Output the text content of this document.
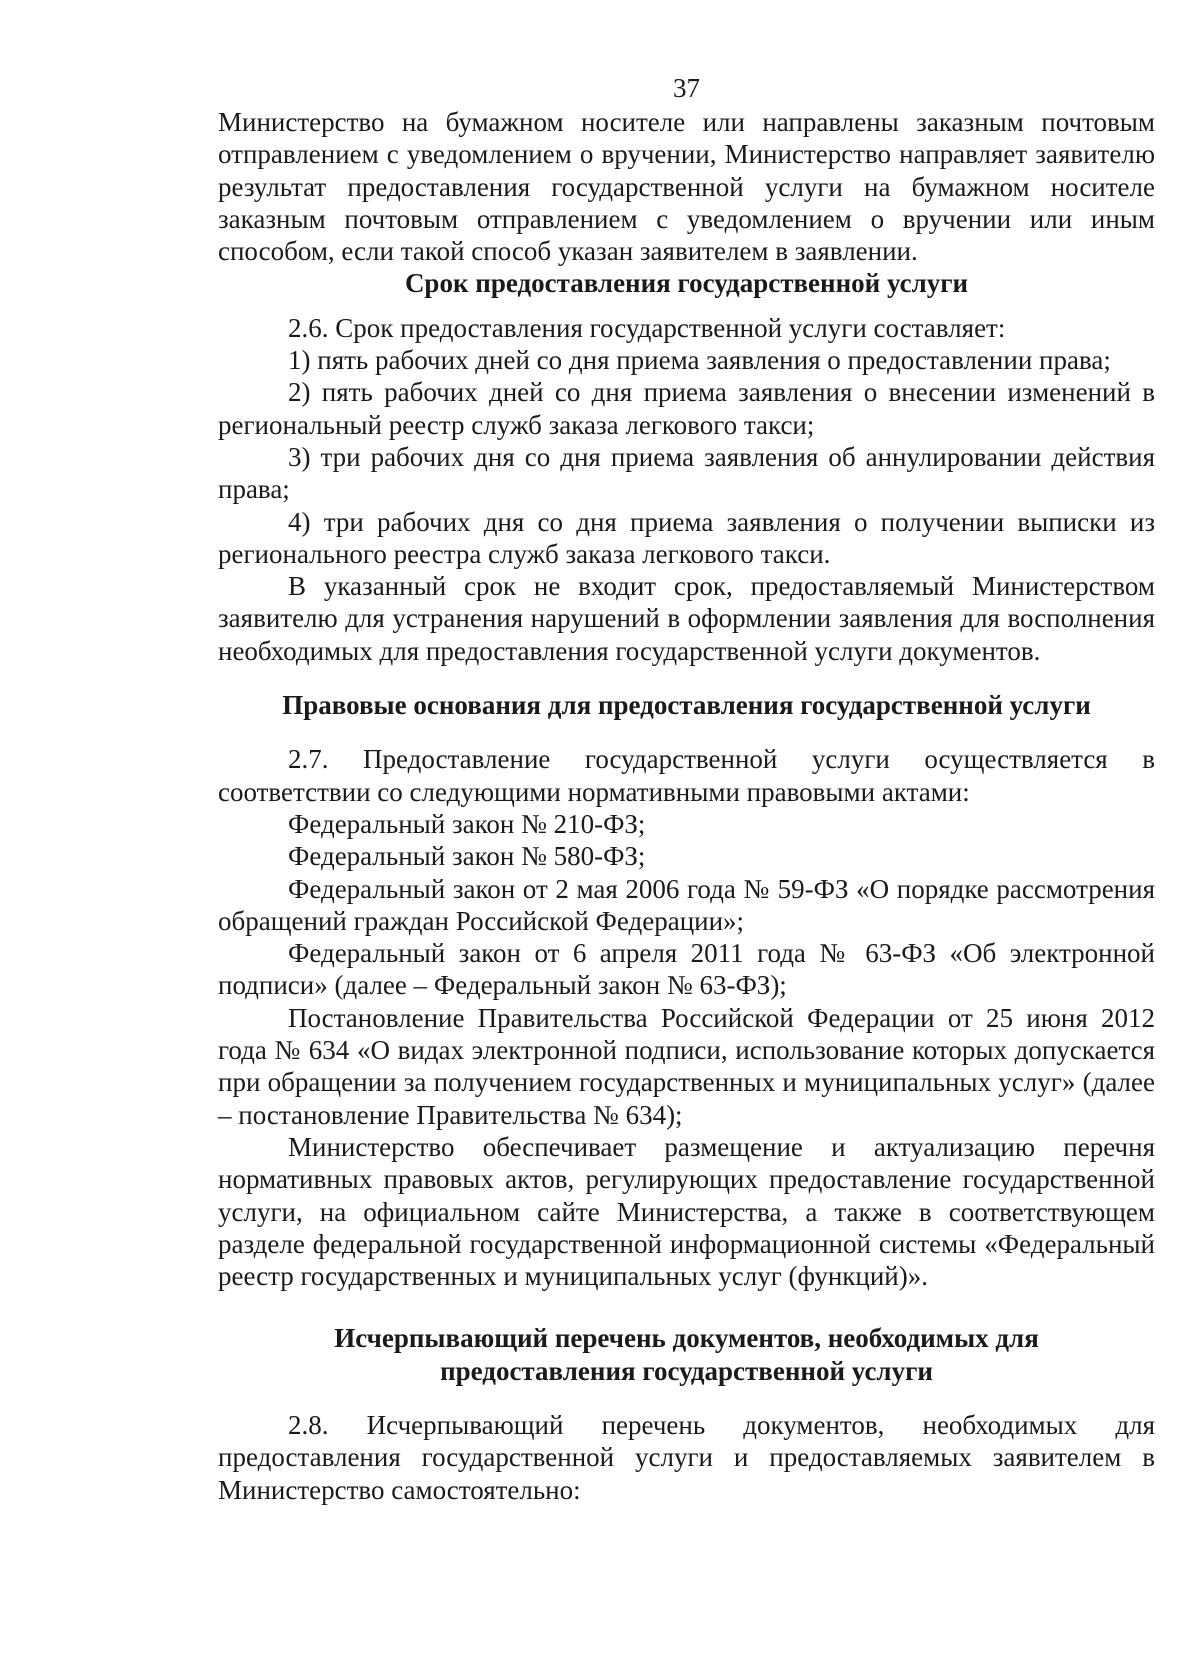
37

Министерство на бумажном носителе или направлены заказным почтовым отправлением с уведомлением о вручении, Министерство направляет заявителю результат предоставления государственной услуги на бумажном носителе заказным почтовым отправлением с уведомлением о вручении или иным способом, если такой способ указан заявителем в заявлении.

Срок предоставления государственной услуги

2.6. Срок предоставления государственной услуги составляет:

1) пять рабочих дней со дня приема заявления о предоставлении права;

2) пять рабочих дней со дня приема заявления о внесении изменений в региональный реестр служб заказа легкового такси;

3) три рабочих дня со дня приема заявления об аннулировании действия права;

4) три рабочих дня со дня приема заявления о получении выписки из регионального реестра служб заказа легкового такси.

В указанный срок не входит срок, предоставляемый Министерством заявителю для устранения нарушений в оформлении заявления для восполнения необходимых для предоставления государственной услуги документов.

Правовые основания для предоставления государственной услуги

2.7. Предоставление государственной услуги осуществляется в соответствии со следующими нормативными правовыми актами:

Федеральный закон № 210-ФЗ;

Федеральный закон № 580-ФЗ;

Федеральный закон от 2 мая 2006 года № 59-ФЗ «О порядке рассмотрения обращений граждан Российской Федерации»;

Федеральный закон от 6 апреля 2011 года № 63-ФЗ «Об электронной подписи» (далее – Федеральный закон № 63-ФЗ);

Постановление Правительства Российской Федерации от 25 июня 2012 года № 634 «О видах электронной подписи, использование которых допускается при обращении за получением государственных и муниципальных услуг» (далее – постановление Правительства № 634);

Министерство обеспечивает размещение и актуализацию перечня нормативных правовых актов, регулирующих предоставление государственной услуги, на официальном сайте Министерства, а также в соответствующем разделе федеральной государственной информационной системы «Федеральный реестр государственных и муниципальных услуг (функций)».

Исчерпывающий перечень документов, необходимых для
предоставления государственной услуги

2.8. Исчерпывающий перечень документов, необходимых для предоставления государственной услуги и предоставляемых заявителем в Министерство самостоятельно:
